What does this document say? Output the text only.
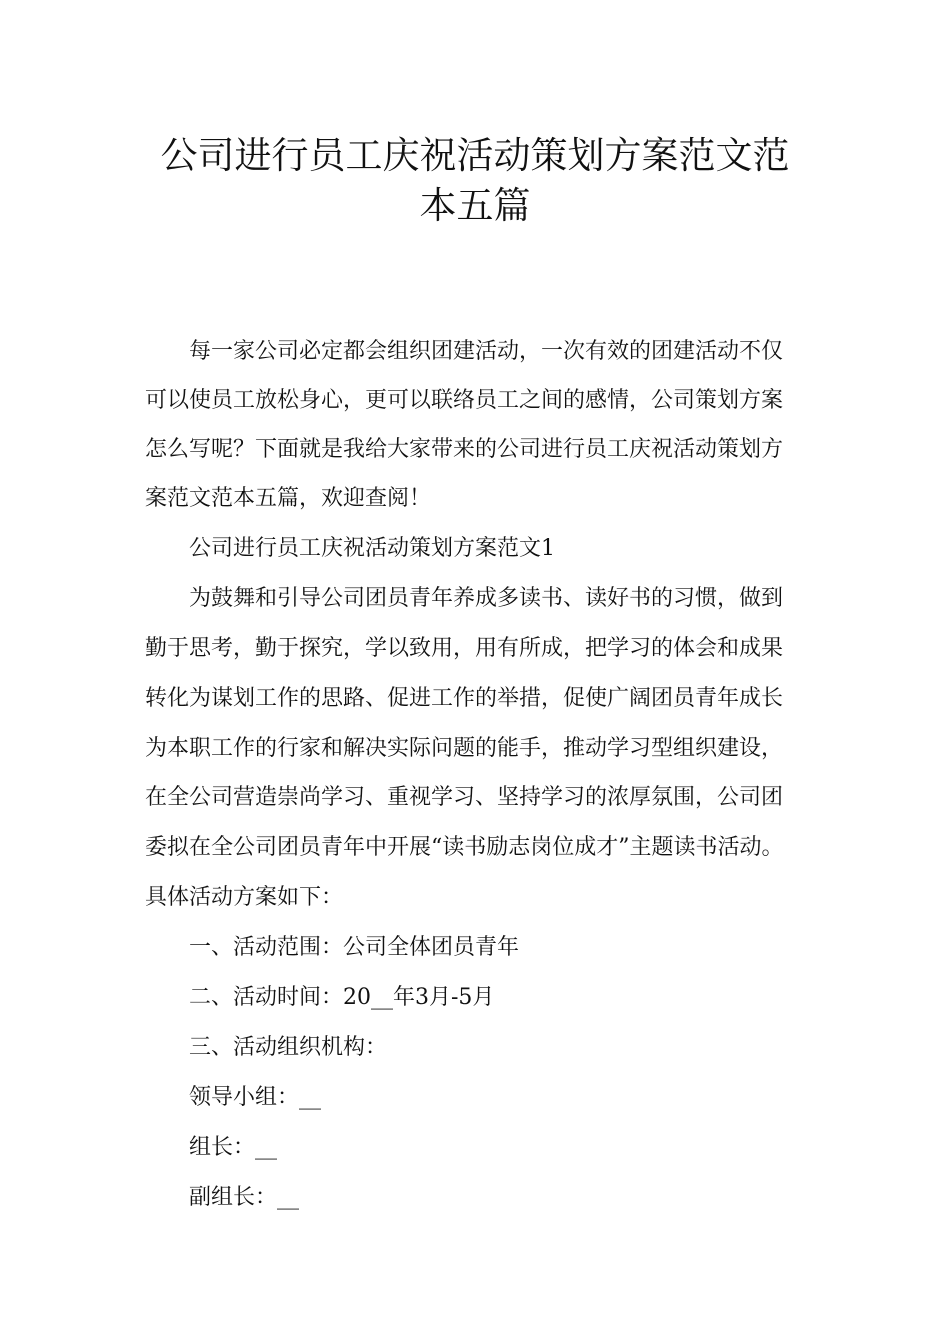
公司进行员工庆祝活动策划方案范文范
本五篇
每一家公司必定都会组织团建活动，一次有效的团建活动不仅
可以使员工放松身心，更可以联络员工之间的感情，公司策划方案
怎么写呢？下面就是我给大家带来的公司进行员工庆祝活动策划方
案范文范本五篇，欢迎查阅！
公司进行员工庆祝活动策划方案范文1
为鼓舞和引导公司团员青年养成多读书、读好书的习惯，做到
勤于思考，勤于探究，学以致用，用有所成，把学习的体会和成果
转化为谋划工作的思路、促进工作的举措，促使广阔团员青年成长
为本职工作的行家和解决实际问题的能手，推动学习型组织建设，
在全公司营造崇尚学习、重视学习、坚持学习的浓厚氛围，公司团
委拟在全公司团员青年中开展“读书励志岗位成才”主题读书活动。
具体活动方案如下：
一、活动范围：公司全体团员青年
二、活动时间：20__年3月-5月
三、活动组织机构：
领导小组：__
组长：__
副组长：__
